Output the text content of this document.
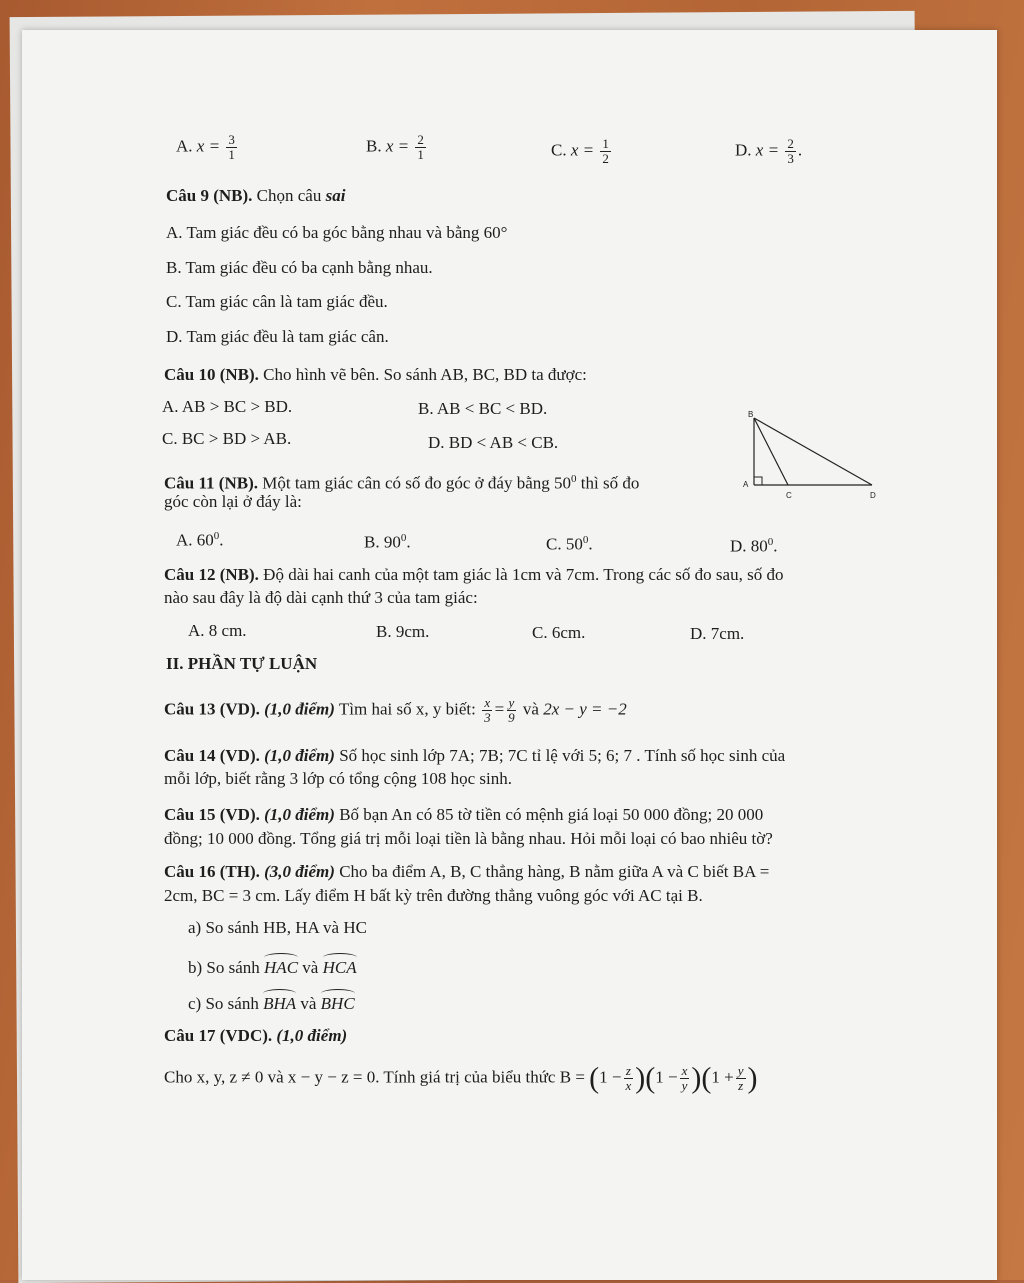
A. $x = \frac{3}{1}$	B. $x = \frac{2}{1}$	C. $x = \frac{1}{2}$	D. $x = \frac{2}{3}$ .
Câu 9 (NB). Chọn câu sai
A. Tam giác đều có ba góc bằng nhau và bằng 60°
B. Tam giác đều có ba cạnh bằng nhau.
C. Tam giác cân là tam giác đều.
D. Tam giác đều là tam giác cân.
Câu 10 (NB). Cho hình vẽ bên. So sánh AB, BC, BD ta được:
A. AB > BC > BD.	B. AB < BC < BD.
C. BC > BD > AB.	D. BD < AB < CB.
B
A
C	D
Câu 11 (NB). Một tam giác cân có số đo góc ở đáy bằng $50^0$ thì số đo
góc còn lại ở đáy là:
A. $60^0$.	B. $90^0$.	C. $50^0$.	D. $80^0$.
Câu 12 (NB). Độ dài hai canh của một tam giác là 1cm và 7cm. Trong các số đo sau, số đo
nào sau đây là độ dài cạnh thứ 3 của tam giác:
A. 8 cm.	B. 9cm.	C. 6cm.	D. 7cm.
II. PHẦN TỰ LUẬN
Câu 13 (VD). (1,0 điểm) Tìm hai số x, y biết: $\frac{x}{3} = \frac{y}{9}$ và 2x − y = −2
Câu 14 (VD). (1,0 điểm) Số học sinh lớp 7A; 7B; 7C tỉ lệ với 5; 6; 7 . Tính số học sinh của
mỗi lớp, biết rằng 3 lớp có tổng cộng 108 học sinh.
Câu 15 (VD). (1,0 điểm) Bố bạn An có 85 tờ tiền có mệnh giá loại 50 000 đồng; 20 000
đồng; 10 000 đồng. Tổng giá trị mỗi loại tiền là bằng nhau. Hỏi mỗi loại có bao nhiêu tờ?
Câu 16 (TH). (3,0 điểm) Cho ba điểm A, B, C thẳng hàng, B nằm giữa A và C biết BA =
2cm, BC = 3 cm. Lấy điểm H bất kỳ trên đường thẳng vuông góc với AC tại B.
a) So sánh HB, HA và HC
b) So sánh HAC và HCA
c) So sánh BHA và BHC
Câu 17 (VDC). (1,0 điểm)
Cho x, y, z ≠ 0 và x − y − z = 0. Tính giá trị của biểu thức $B = (1 - \frac{z}{x} )(1 - \frac{x}{y} )(1 + \frac{y}{z}$ )
